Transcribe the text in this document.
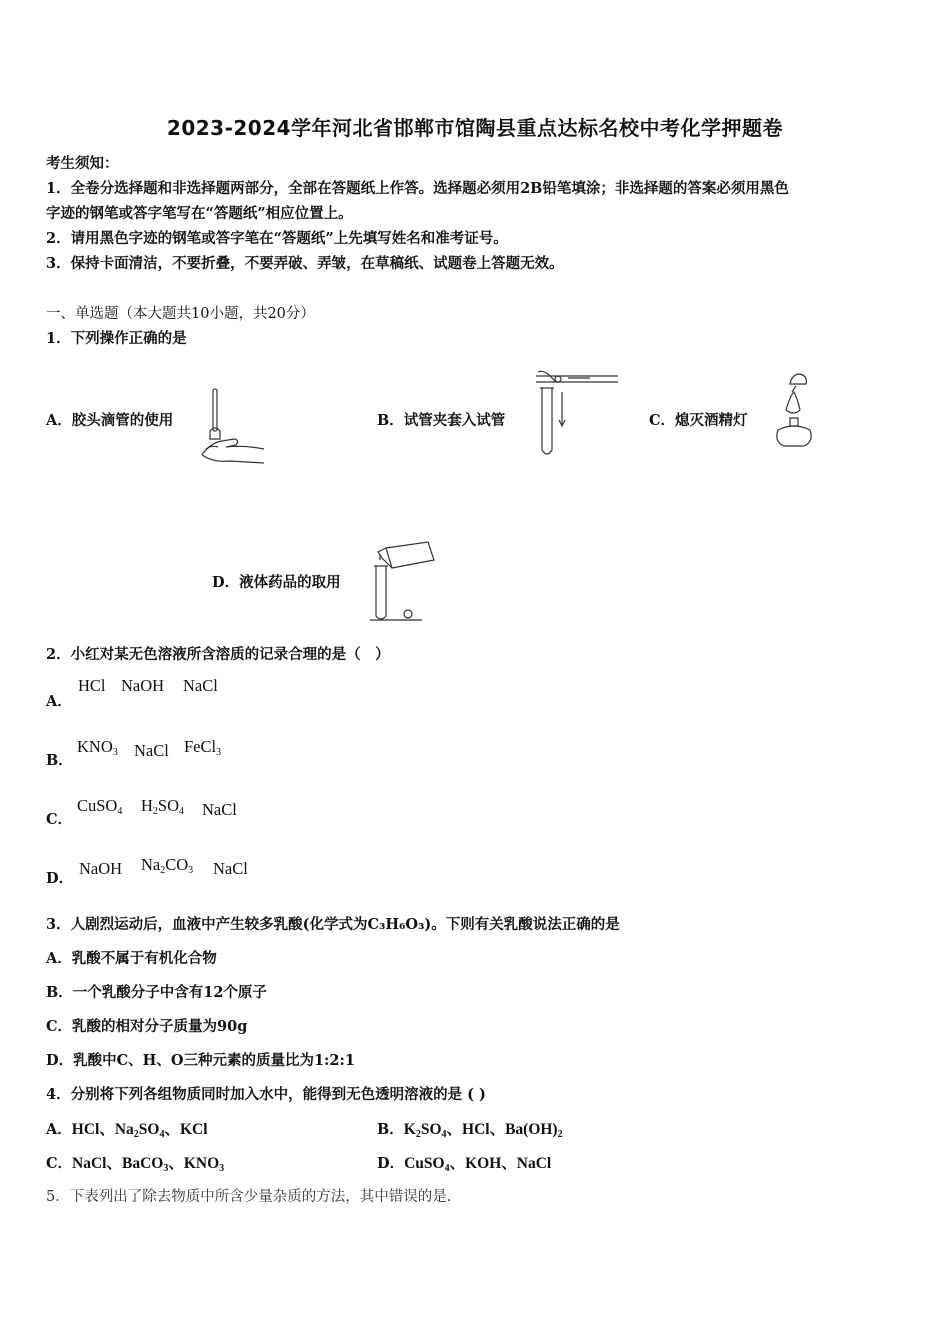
2023-2024学年河北省邯郸市馆陶县重点达标名校中考化学押题卷
考生须知：
1．全卷分选择题和非选择题两部分，全部在答题纸上作答。选择题必须用2B铅笔填涂；非选择题的答案必须用黑色
字迹的钢笔或答字笔写在“答题纸”相应位置上。
2．请用黑色字迹的钢笔或答字笔在“答题纸”上先填写姓名和准考证号。
3．保持卡面清洁，不要折叠，不要弄破、弄皱，在草稿纸、试题卷上答题无效。
一、单选题（本大题共10小题，共20分）
1．下列操作正确的是
A．胶头滴管的使用	B．试管夹套入试管	C．熄灭酒精灯
D．液体药品的取用
2．小红对某无色溶液所含溶质的记录合理的是（　）
A．
HCl NaOH NaCl
B．
$KNO_3$ NaCl FeCl$_3$
C．
CuSO$_4$ $H_2SO_4$ NaCl
D．
NaOH $Na_2CO_3$ NaCl
3．人剧烈运动后，血液中产生较多乳酸(化学式为C₃H₆O₃)。下则有关乳酸说法正确的是
A．乳酸不属于有机化合物
B．一个乳酸分子中含有12个原子
C．乳酸的相对分子质量为90g
D．乳酸中C、H、O三种元素的质量比为1:2:1
4．分别将下列各组物质同时加入水中，能得到无色透明溶液的是 ( )
A．HCl、$Na_2SO_4$、KCl	B．$K_2SO_4$、HCl、$Ba(OH)_2$
C．NaCl、BaCO$_3$、$KNO_3$	D．CuSO$_4$、KOH、NaCl
5．下表列出了除去物质中所含少量杂质的方法，其中错误的是.
